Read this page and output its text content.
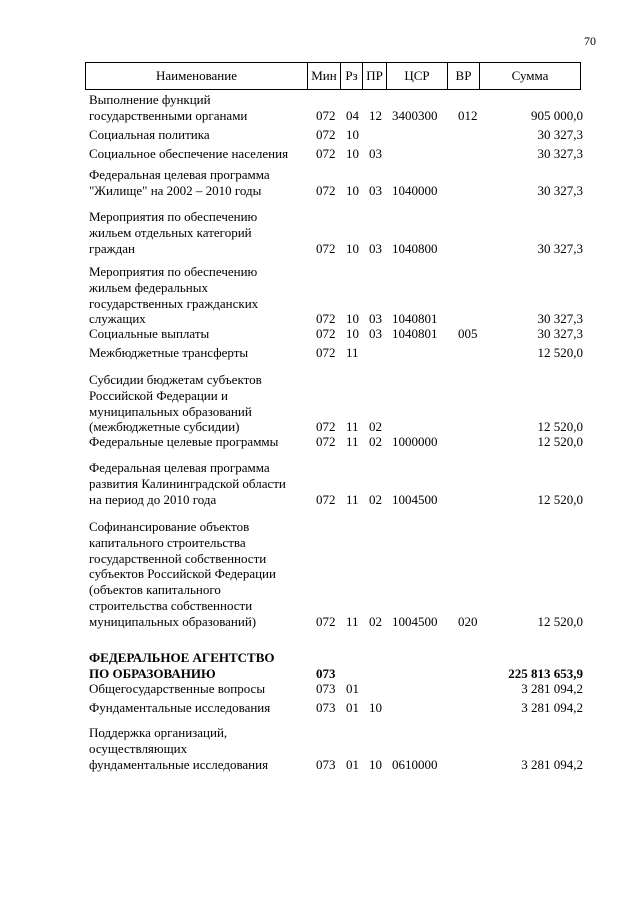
70
Наименование	Мин Рз ПР	ЦСР	ВР	Сумма
Выполнение функций
государственными органами	072 04 12 3400300 012	905 000,0
Социальная политика	072 10	30 327,3
Социальное обеспечение населения	072 10 03	30 327,3
Федеральная целевая программа
"Жилище" на 2002 – 2010 годы	072 10 03 1040000	30 327,3
Мероприятия по обеспечению
жильем отдельных категорий
граждан	072 10 03 1040800	30 327,3
Мероприятия по обеспечению
жильем федеральных
государственных гражданских
служащих	072 10 03 1040801	30 327,3
Социальные выплаты	072 10 03 1040801 005	30 327,3
Межбюджетные трансферты	072 11	12 520,0
Субсидии бюджетам субъектов
Российской Федерации и
муниципальных образований
(межбюджетные субсидии)	072 11 02	12 520,0
Федеральные целевые программы	072 11 02 1000000	12 520,0
Федеральная целевая программа
развития Калининградской области
на период до 2010 года	072 11 02 1004500	12 520,0
Софинансирование объектов
капитального строительства
государственной собственности
субъектов Российской Федерации
(объектов капитального
строительства собственности
муниципальных образований)	072 11 02 1004500 020	12 520,0
ФЕДЕРАЛЬНОЕ АГЕНТСТВО
ПО ОБРАЗОВАНИЮ	073	225 813 653,9
Общегосударственные вопросы	073 01	3 281 094,2
Фундаментальные исследования	073 01 10	3 281 094,2
Поддержка организаций,
осуществляющих
фундаментальные исследования	073 01 10 0610000	3 281 094,2
